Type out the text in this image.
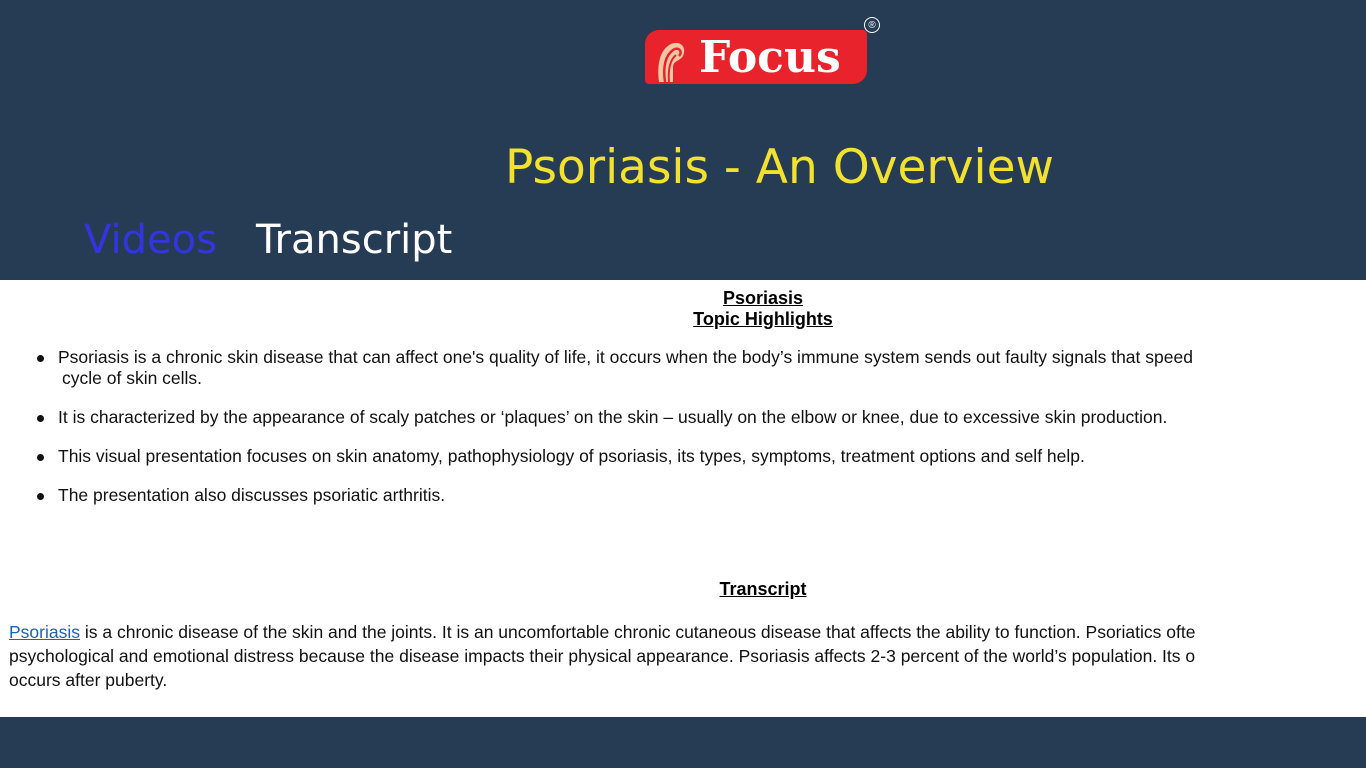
Focus
®
Psoriasis - An Overview
Videos Transcript
Psoriasis
Topic Highlights
Psoriasis is a chronic skin disease that can affect one's quality of life, it occurs when the body’s immune system sends out faulty signals that speed
cycle of skin cells.
It is characterized by the appearance of scaly patches or ‘plaques’ on the skin – usually on the elbow or knee, due to excessive skin production.
This visual presentation focuses on skin anatomy, pathophysiology of psoriasis, its types, symptoms, treatment options and self help.
The presentation also discusses psoriatic arthritis.
Transcript

Psoriasis is a chronic disease of the skin and the joints. It is an uncomfortable chronic cutaneous disease that affects the ability to function. Psoriatics ofte
psychological and emotional distress because the disease impacts their physical appearance. Psoriasis affects 2-3 percent of the world’s population. Its o
occurs after puberty.
